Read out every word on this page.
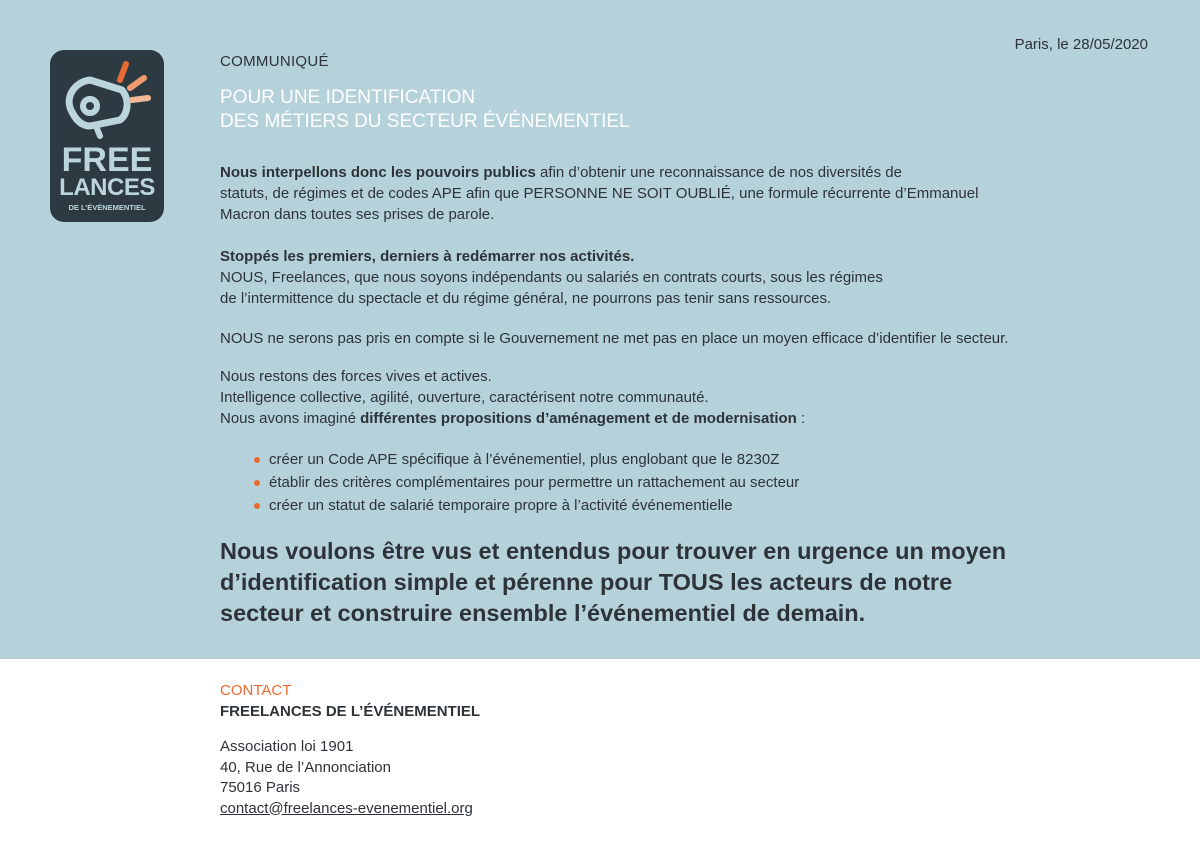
FREE
LANCES
DE L’ÉVÉNEMENTIEL
Paris, le 28/05/2020
COMMUNIQUÉ
POUR UNE IDENTIFICATION
DES MÉTIERS DU SECTEUR ÉVÉNEMENTIEL
Nous interpellons donc les pouvoirs publics afin d’obtenir une reconnaissance de nos diversités de
statuts, de régimes et de codes APE afin que PERSONNE NE SOIT OUBLIÉ, une formule récurrente d’Emmanuel
Macron dans toutes ses prises de parole.
Stoppés les premiers, derniers à redémarrer nos activités.
NOUS, Freelances, que nous soyons indépendants ou salariés en contrats courts, sous les régimes
de l’intermittence du spectacle et du régime général, ne pourrons pas tenir sans ressources.
NOUS ne serons pas pris en compte si le Gouvernement ne met pas en place un moyen efficace d’identifier le secteur.
Nous restons des forces vives et actives.
Intelligence collective, agilité, ouverture, caractérisent notre communauté.
Nous avons imaginé différentes propositions d’aménagement et de modernisation :
créer un Code APE spécifique à l’événementiel, plus englobant que le 8230Z
établir des critères complémentaires pour permettre un rattachement au secteur
créer un statut de salarié temporaire propre à l’activité événementielle
Nous voulons être vus et entendus pour trouver en urgence un moyen
d’identification simple et pérenne pour TOUS les acteurs de notre
secteur et construire ensemble l’événementiel de demain.
CONTACT
FREELANCES DE L’ÉVÉNEMENTIEL
Association loi 1901
40, Rue de l’Annonciation
75016 Paris
contact@freelances-evenementiel.org
